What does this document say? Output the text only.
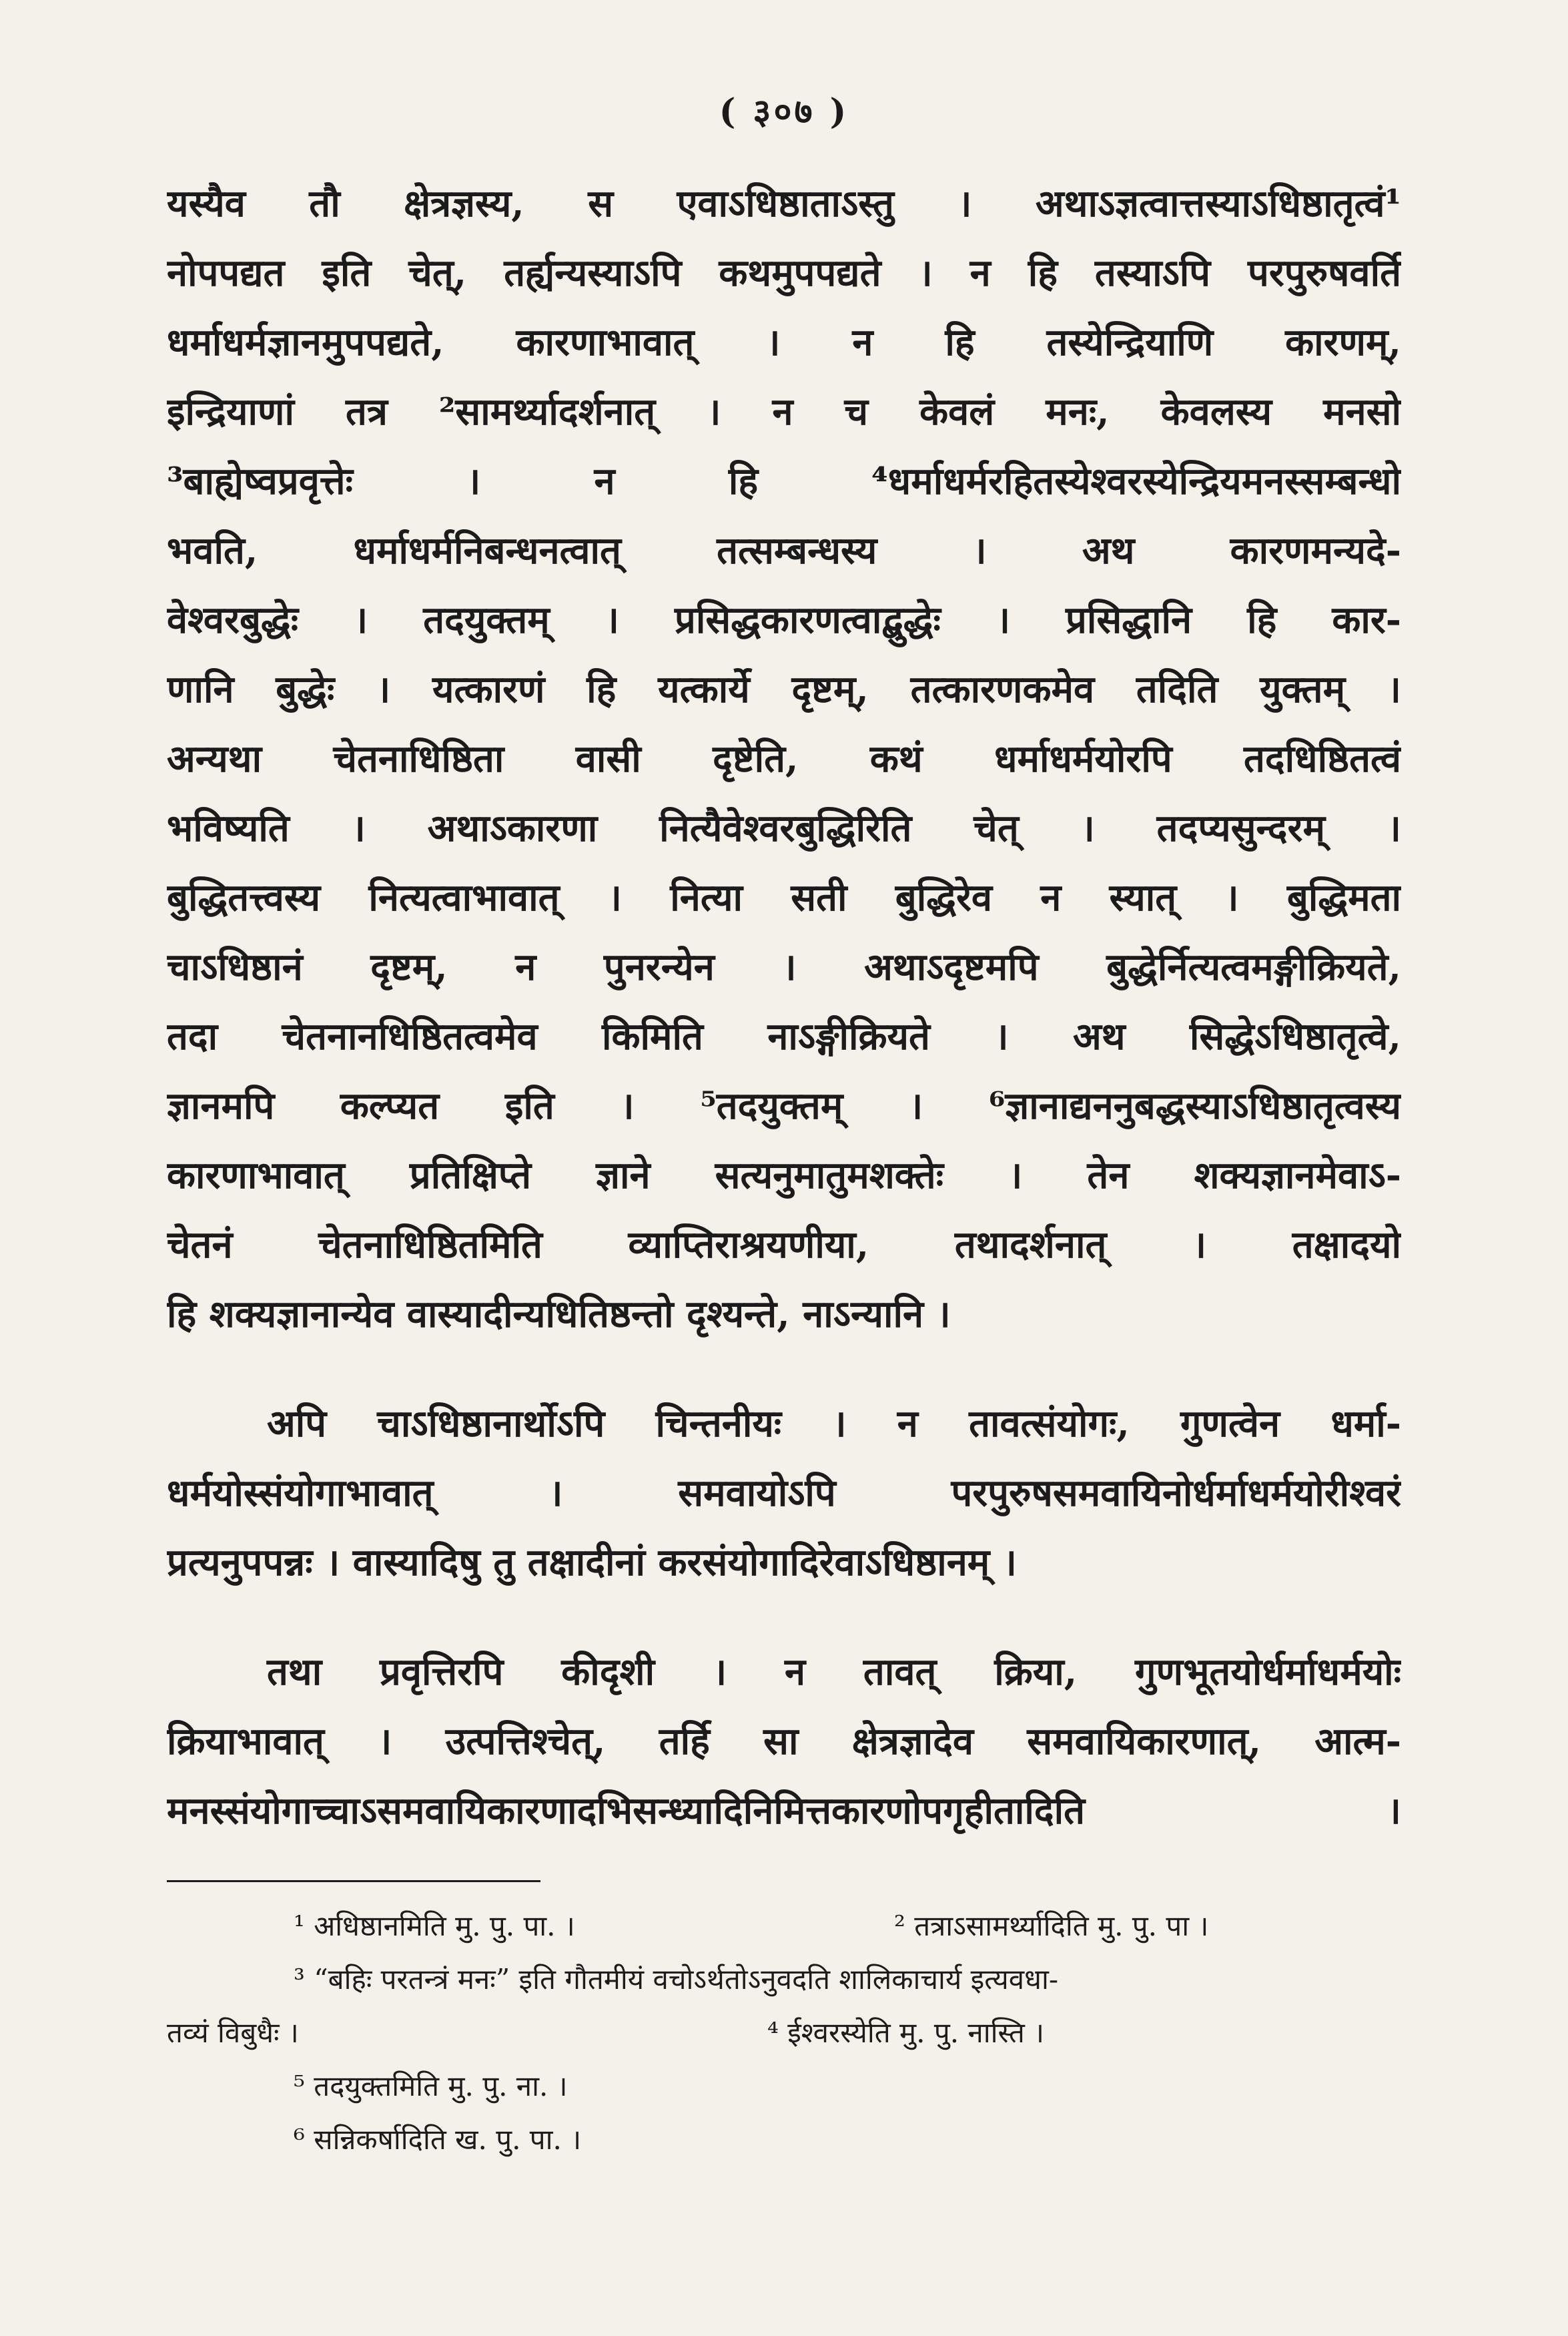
( ३०७ )
यस्यैव तौ क्षेत्रज्ञस्य, स एवाऽधिष्ठाताऽस्तु । अथाऽज्ञत्वात्तस्याऽधिष्ठातृत्वं¹
नोपपद्यत इति चेत्, तर्ह्यन्यस्याऽपि कथमुपपद्यते । न हि तस्याऽपि परपुरुषवर्ति
धर्माधर्मज्ञानमुपपद्यते, कारणाभावात् । न हि तस्येन्द्रियाणि कारणम्,
इन्द्रियाणां तत्र ²सामर्थ्यादर्शनात् । न च केवलं मनः, केवलस्य मनसो
³बाह्येष्वप्रवृत्तेः । न हि ⁴धर्माधर्मरहितस्येश्वरस्येन्द्रियमनस्सम्बन्धो
भवति, धर्माधर्मनिबन्धनत्वात् तत्सम्बन्धस्य । अथ कारणमन्यदे-
वेश्वरबुद्धेः । तदयुक्तम् । प्रसिद्धकारणत्वाद्बुद्धेः । प्रसिद्धानि हि कार-
णानि बुद्धेः । यत्कारणं हि यत्कार्ये दृष्टम्, तत्कारणकमेव तदिति युक्तम् ।
अन्यथा चेतनाधिष्ठिता वासी दृष्टेति, कथं धर्माधर्मयोरपि तदधिष्ठितत्वं
भविष्यति । अथाऽकारणा नित्यैवेश्वरबुद्धिरिति चेत् । तदप्यसुन्दरम् ।
बुद्धितत्त्वस्य नित्यत्वाभावात् । नित्या सती बुद्धिरेव न स्यात् । बुद्धिमता
चाऽधिष्ठानं दृष्टम्, न पुनरन्येन । अथाऽदृष्टमपि बुद्धेर्नित्यत्वमङ्गीक्रियते,
तदा चेतनानधिष्ठितत्वमेव किमिति नाऽङ्गीक्रियते । अथ सिद्धेऽधिष्ठातृत्वे,
ज्ञानमपि कल्प्यत इति । ⁵तदयुक्तम् । ⁶ज्ञानाद्यननुबद्धस्याऽधिष्ठातृत्वस्य
कारणाभावात् प्रतिक्षिप्ते ज्ञाने सत्यनुमातुमशक्तेः । तेन शक्यज्ञानमेवाऽ-
चेतनं चेतनाधिष्ठितमिति व्याप्तिराश्रयणीया, तथादर्शनात् । तक्षादयो
हि शक्यज्ञानान्येव वास्यादीन्यधितिष्ठन्तो दृश्यन्ते, नाऽन्यानि ।
अपि चाऽधिष्ठानार्थोऽपि चिन्तनीयः । न तावत्संयोगः, गुणत्वेन धर्मा-
धर्मयोस्संयोगाभावात् । समवायोऽपि परपुरुषसमवायिनोर्धर्माधर्मयोरीश्वरं
प्रत्यनुपपन्नः । वास्यादिषु तु तक्षादीनां करसंयोगादिरेवाऽधिष्ठानम् ।
तथा प्रवृत्तिरपि कीदृशी । न तावत् क्रिया, गुणभूतयोर्धर्माधर्मयोः
क्रियाभावात् । उत्पत्तिश्चेत्, तर्हि सा क्षेत्रज्ञादेव समवायिकारणात्, आत्म-
मनस्संयोगाच्चाऽसमवायिकारणादभिसन्ध्यादिनिमित्तकारणोपगृहीतादिति ।
¹ अधिष्ठानमिति मु. पु. पा. ।	² तत्राऽसामर्थ्यादिति मु. पु. पा ।
³ “बहिः परतन्त्रं मनः” इति गौतमीयं वचोऽर्थतोऽनुवदति शालिकाचार्य इत्यवधा-
तव्यं विबुधैः ।	⁴ ईश्वरस्येति मु. पु. नास्ति ।
⁵ तदयुक्तमिति मु. पु. ना. ।
⁶ सन्निकर्षादिति ख. पु. पा. ।
